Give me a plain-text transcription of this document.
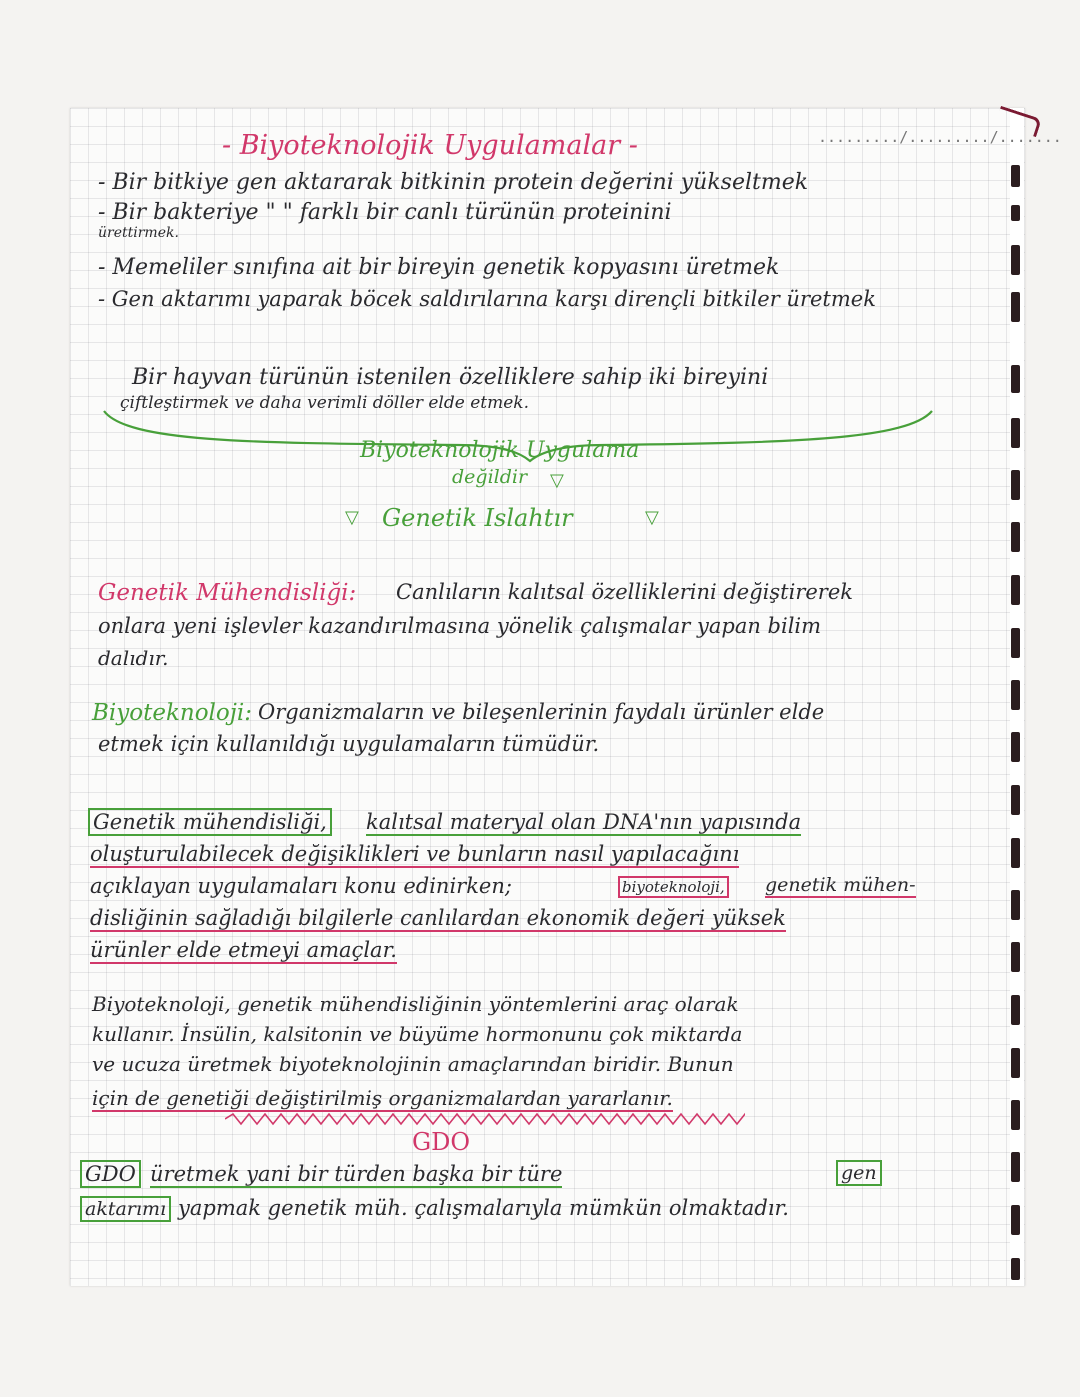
........./........./.......
- Biyoteknolojik Uygulamalar -
- Bir bitkiye gen aktararak bitkinin protein değerini yükseltmek
- Bir bakteriye " " farklı bir canlı türünün proteinini
ürettirmek.
- Memeliler sınıfına ait bir bireyin genetik kopyasını üretmek
- Gen aktarımı yaparak böcek saldırılarına karşı dirençli bitkiler üretmek
Bir hayvan türünün istenilen özelliklere sahip iki bireyini
çiftleştirmek ve daha verimli döller elde etmek.
Biyoteknolojik Uygulama
değildir ▽
▽ Genetik Islahtır	▽
Genetik Mühendisliği: Canlıların kalıtsal özelliklerini değiştirerek
onlara yeni işlevler kazandırılmasına yönelik çalışmalar yapan bilim
dalıdır.
Biyoteknoloji: Organizmaların ve bileşenlerinin faydalı ürünler elde
etmek için kullanıldığı uygulamaların tümüdür.
Genetik mühendisliği, kalıtsal materyal olan DNA'nın yapısında
oluşturulabilecek değişiklikleri ve bunların nasıl yapılacağını
açıklayan uygulamaları konu edinirken;	biyoteknoloji, genetik mühen-
disliğinin sağladığı bilgilerle canlılardan ekonomik değeri yüksek
ürünler elde etmeyi amaçlar.
Biyoteknoloji, genetik mühendisliğinin yöntemlerini araç olarak
kullanır. İnsülin, kalsitonin ve büyüme hormonunu çok miktarda
ve ucuza üretmek biyoteknolojinin amaçlarından biridir. Bunun
için de genetiği değiştirilmiş organizmalardan yararlanır.
GDO
GDO üretmek yani bir türden başka bir türe	gen
aktarımı yapmak genetik müh. çalışmalarıyla mümkün olmaktadır.
